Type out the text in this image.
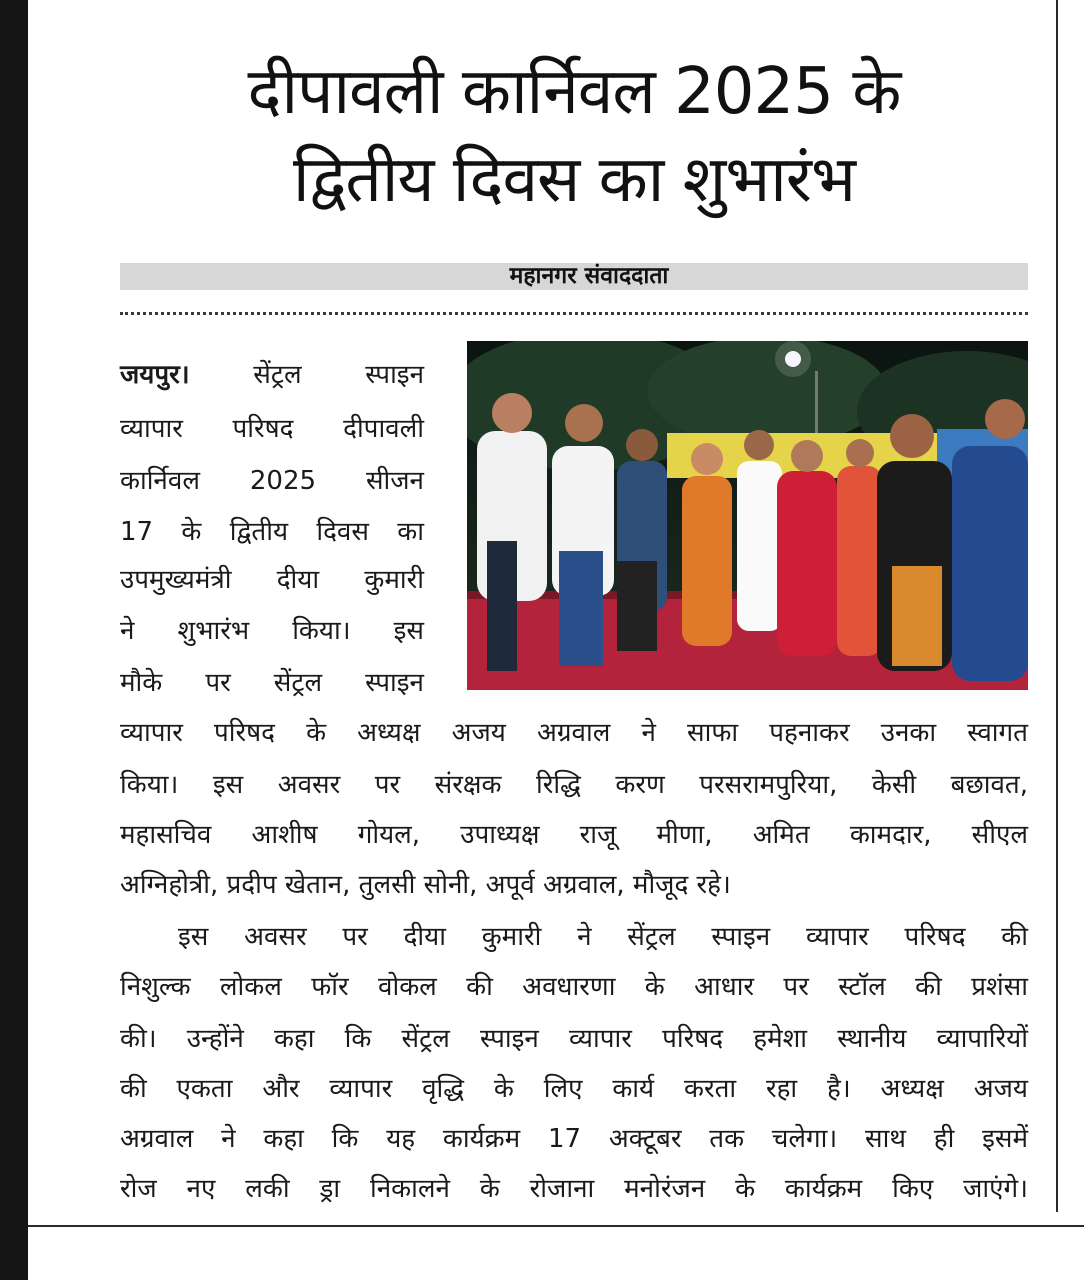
दीपावली कार्निवल 2025 के
द्वितीय दिवस का शुभारंभ
महानगर संवाददाता
जयपुर। सेंट्रल स्पाइन
व्यापार परिषद दीपावली
कार्निवल 2025 सीजन
17 के द्वितीय दिवस का
उपमुख्यमंत्री दीया कुमारी
ने शुभारंभ किया। इस
मौके पर सेंट्रल स्पाइन
व्यापार परिषद के अध्यक्ष अजय अग्रवाल ने साफा पहनाकर उनका स्वागत
किया। इस अवसर पर संरक्षक रिद्धि करण परसरामपुरिया, केसी बछावत,
महासचिव आशीष गोयल, उपाध्यक्ष राजू मीणा, अमित कामदार, सीएल
अग्निहोत्री, प्रदीप खेतान, तुलसी सोनी, अपूर्व अग्रवाल, मौजूद रहे।
इस अवसर पर दीया कुमारी ने सेंट्रल स्पाइन व्यापार परिषद की
निशुल्क लोकल फॉर वोकल की अवधारणा के आधार पर स्टॉल की प्रशंसा
की। उन्होंने कहा कि सेंट्रल स्पाइन व्यापार परिषद हमेशा स्थानीय व्यापारियों
की एकता और व्यापार वृद्धि के लिए कार्य करता रहा है। अध्यक्ष अजय
अग्रवाल ने कहा कि यह कार्यक्रम 17 अक्टूबर तक चलेगा। साथ ही इसमें
रोज नए लकी ड्रा निकालने के रोजाना मनोरंजन के कार्यक्रम किए जाएंगे।
